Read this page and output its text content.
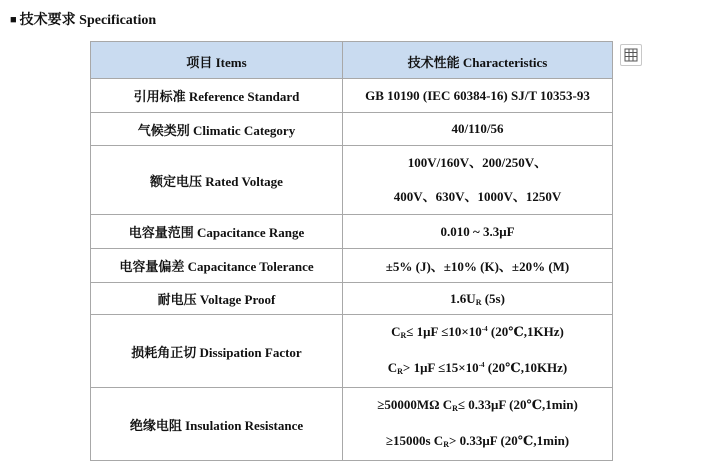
■ 技术要求 Specification
项目 Items	技术性能 Characteristics
引用标准 Reference Standard	GB 10190 (IEC 60384-16) SJ/T 10353-93
气候类别 Climatic Category	40/110/56
额定电压 Rated Voltage	100V/160V、200/250V、
400V、630V、1000V、1250V

电容量范围 Capacitance Range	0.010 ~ 3.3μF
电容量偏差 Capacitance Tolerance	±5% (J)、±10% (K)、±20% (M)
耐电压 Voltage Proof	1.6UR (5s)
损耗角正切 Dissipation Factor	$CR\le 1\mu F \le 10\times 10^{-4}$ (20℃,1KHz)
$CR> 1\mu F \le 15\times 10^{-4}$ (20℃,10KHz)

绝缘电阻 Insulation Resistance	≥50000MΩ CR≤ 0.33μF (20℃,1min)
≥15000s CR> 0.33μF (20℃,1min)
